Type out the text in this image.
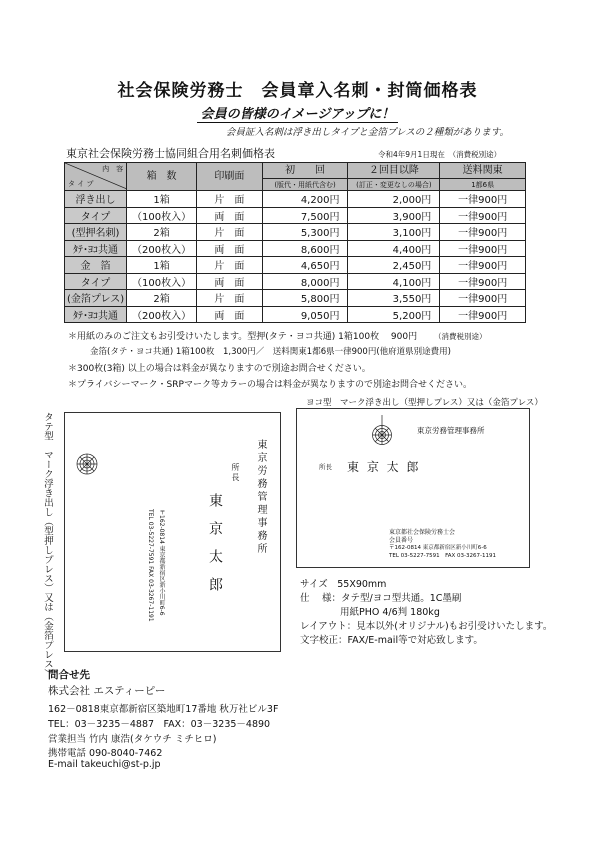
社会保険労務士　会員章入名刺・封筒価格表
会員の皆様のイメージアップに！
会員証入名刺は浮き出しタイプと金箔プレスの２種類があります。
東京社会保険労務士協同組合用名刺価格表	令和4年9月1日現在　（消費税別途）
内　容
タ イ プ	箱　数	印刷面	初　　回	２回目以降	送料関東
			(版代・用紙代含む)	(訂正・変更なしの場合)	1都6県
浮き出し	1箱	片　面	4,200円	2,000円	一律900円
タイプ	（100枚入）	両　面	7,500円	3,900円	一律900円
(型押名刺)	2箱	片　面	5,300円	3,100円	一律900円
ﾀﾃ･ﾖｺ共通	（200枚入）	両　面	8,600円	4,400円	一律900円
金　箔	1箱	片　面	4,650円	2,450円	一律900円
タイプ	（100枚入）	両　面	8,000円	4,100円	一律900円
(金箔プレス)	2箱	片　面	5,800円	3,550円	一律900円
ﾀﾃ･ﾖｺ共通	（200枚入）	両　面	9,050円	5,200円	一律900円
＊用紙のみのご注文もお引受けいたします。型押(タテ・ヨコ共通) 1箱100枚　 900円 （消費税別途）
金箔(タテ・ヨコ共通) 1箱100枚　1,300円／　送料関東1都6県一律900円(他府道県別途費用)
＊300枚(3箱) 以上の場合は料金が異なりますので別途お問合せください。
＊プライバシーマーク・SRPマーク等カラーの場合は料金が異なりますので別途お問合せください。
タテ型　マーク浮き出し（型押しプレス）又は（金箔プレス）	東京労務管理事務所
所長
東京太郎
〒162-0814 東京都新宿区新小川町6-6
TEL 03-5227-7591 FAX 03-3267-1191
ヨコ型　マーク浮き出し（型押しプレス）又は（金箔プレス）
東京労務管理事務所
所長 東 京 太 郎
東京都社会保険労務士会
会員番号
〒162-0814 東京都新宿区新小川町6-6
TEL 03-5227-7591　FAX 03-3267-1191
サイズ　55X90mm
仕　 様：タテ型/ヨコ型共通。1C墨刷
用紙PHO 4/6判 180kg
レイアウト：見本以外(オリジナル)もお引受けいたします。
文字校正：FAX/E-mail等で対応致します。
問合せ先
株式会社 エスティーピー
162－0818東京都新宿区築地町17番地 秋万社ビル3F
TEL：03－3235－4887　FAX：03－3235－4890
営業担当 竹内 康浩(タケウチ ミチヒロ)
携帯電話 090-8040-7462
E-mail takeuchi@st-p.jp
